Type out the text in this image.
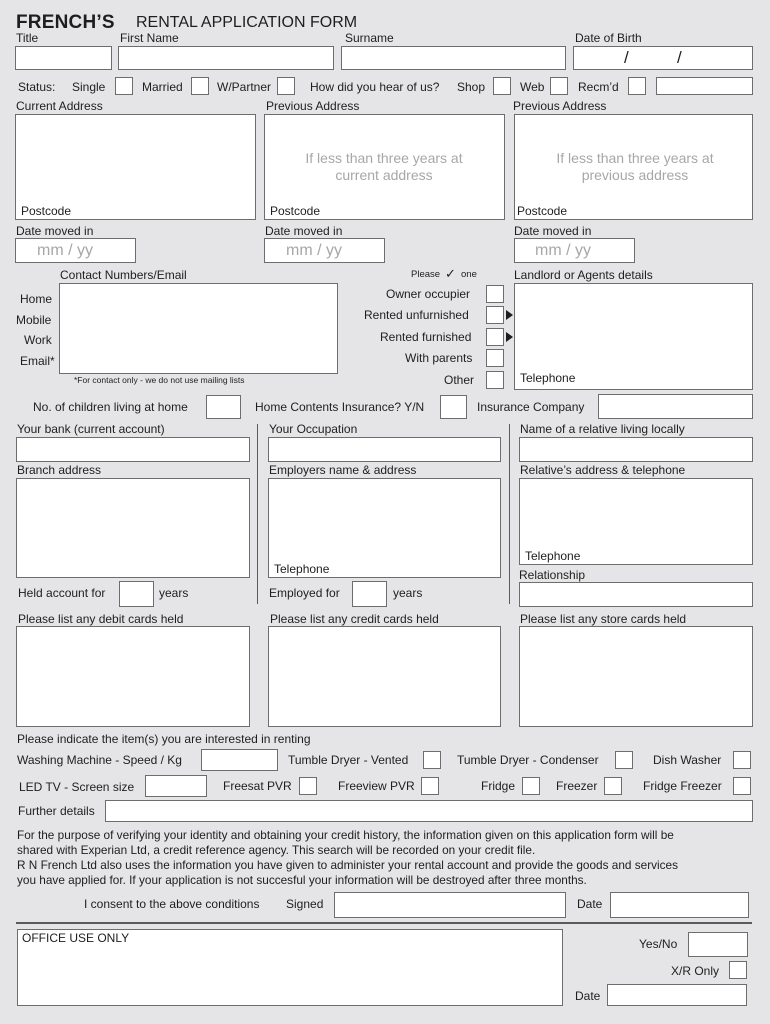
FRENCH’S RENTAL APPLICATION FORM
Title	First Name	Surname	Date of Birth
/	/
Status: Single	Married	W/Partner	How did you hear of us? Shop	Web	Recm’d
Current Address	Previous Address	Previous Address
Postcode
If less than three years at current address
Postcode
If less than three years at previous address
Postcode
Date moved in	Date moved in	Date moved in
mm / yy	mm / yy	mm / yy
Contact Numbers/Email
Home
Mobile
Work
Email*
*For contact only - we do not use mailing lists
Please ✓ one
Owner occupier
Rented unfurnished
Rented furnished
With parents
Other
Landlord or Agents details
Telephone
No. of children living at home	Home Contents Insurance? Y/N	Insurance Company
Your bank (current account)
Branch address
Held account for	years
Your Occupation
Employers name & address
Telephone
Employed for	years
Name of a relative living locally
Relative’s address & telephone
Telephone
Relationship
Please list any debit cards held	Please list any credit cards held	Please list any store cards held
Please indicate the item(s) you are interested in renting
Washing Machine - Speed / Kg	Tumble Dryer - Vented	Tumble Dryer - Condenser	Dish Washer
LED TV - Screen size	Freesat PVR	Freeview PVR	Fridge	Freezer	Fridge Freezer
Further details
For the purpose of verifying your identity and obtaining your credit history, the information given on this application form will be
shared with Experian Ltd, a credit reference agency. This search will be recorded on your credit file.
R N French Ltd also uses the information you have given to administer your rental account and provide the goods and services
you have applied for. If your application is not succesful your information will be destroyed after three months.
I consent to the above conditions Signed	Date
OFFICE USE ONLY	Yes/No
X/R Only
Date
